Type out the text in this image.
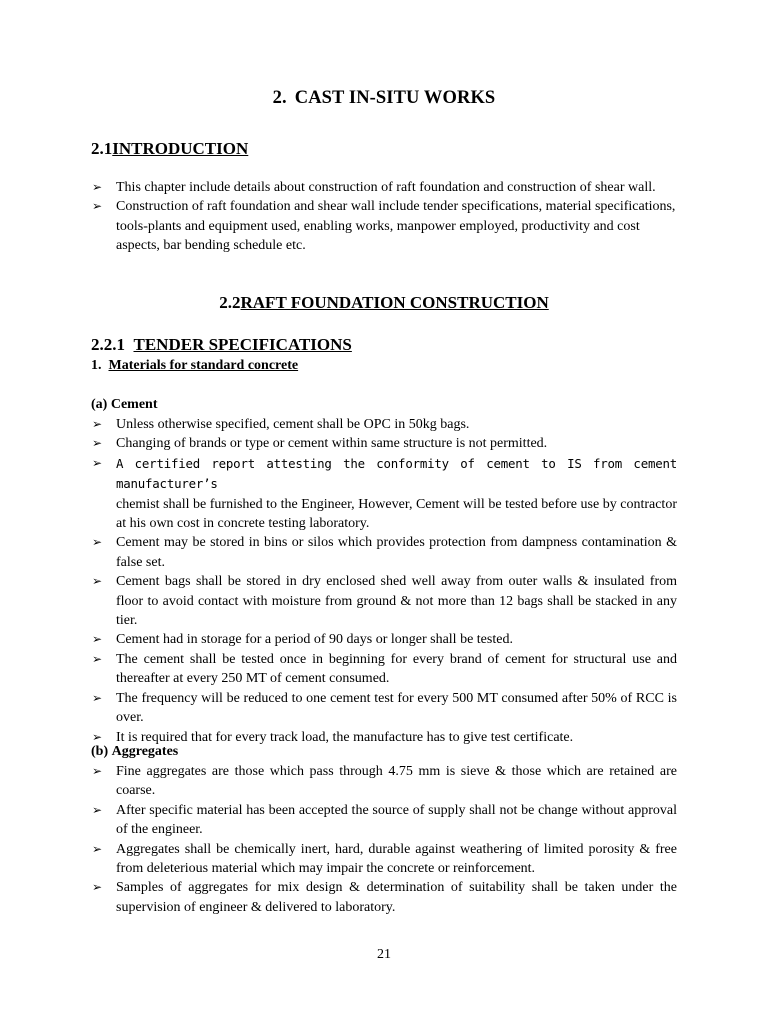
2. CAST IN-SITU WORKS
2.1INTRODUCTION
➢ This chapter include details about construction of raft foundation and construction of shear wall.
➢ Construction of raft foundation and shear wall include tender specifications, material specifications, tools-plants and equipment used, enabling works, manpower employed, productivity and cost aspects, bar bending schedule etc.
2.2RAFT FOUNDATION CONSTRUCTION
2.2.1 TENDER SPECIFICATIONS
1. Materials for standard concrete
(a) Cement
➢ Unless otherwise specified, cement shall be OPC in 50kg bags.
➢ Changing of brands or type or cement within same structure is not permitted.
➢ A certified report attesting the conformity of cement to IS from cement manufacturer’s
chemist shall be furnished to the Engineer, However, Cement will be tested before use by contractor at his own cost in concrete testing laboratory.
➢ Cement may be stored in bins or silos which provides protection from dampness contamination & false set.
➢ Cement bags shall be stored in dry enclosed shed well away from outer walls & insulated from floor to avoid contact with moisture from ground & not more than 12 bags shall be stacked in any tier.
➢ Cement had in storage for a period of 90 days or longer shall be tested.
➢ The cement shall be tested once in beginning for every brand of cement for structural use and thereafter at every 250 MT of cement consumed.
➢ The frequency will be reduced to one cement test for every 500 MT consumed after 50% of RCC is over.
➢ It is required that for every track load, the manufacture has to give test certificate.
(b) Aggregates
➢ Fine aggregates are those which pass through 4.75 mm is sieve & those which are retained are coarse.
➢ After specific material has been accepted the source of supply shall not be change without approval of the engineer.
➢ Aggregates shall be chemically inert, hard, durable against weathering of limited porosity & free from deleterious material which may impair the concrete or reinforcement.
➢ Samples of aggregates for mix design & determination of suitability shall be taken under the supervision of engineer & delivered to laboratory.
21
